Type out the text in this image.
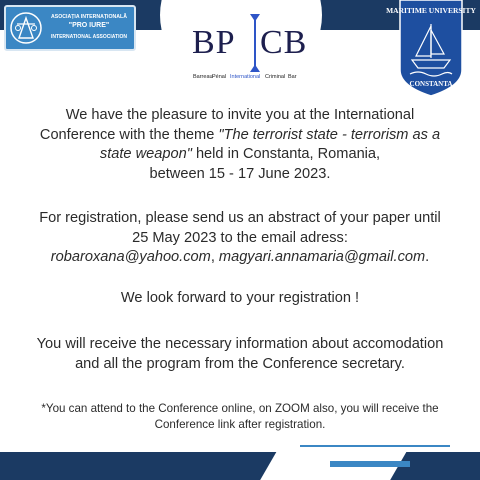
ASOCIAȚIA INTERNAȚIONALĂ
"PRO IURE"
INTERNATIONAL ASSOCIATION BP CB
Barreau Pénal International Criminal Bar
MARITIME UNIVERSITY
CONSTANTA
We have the pleasure to invite you at the International
Conference with the theme "The terrorist state - terrorism as a
state weapon" held in Constanta, Romania,
between 15 - 17 June 2023.
For registration, please send us an abstract of your paper until
25 May 2023 to the email adress:
robaroxana@yahoo.com, magyari.annamaria@gmail.com.
We look forward to your registration !
You will receive the necessary information about accomodation
and all the program from the Conference secretary.
*You can attend to the Conference online, on ZOOM also, you will receive the
Conference link after registration.
